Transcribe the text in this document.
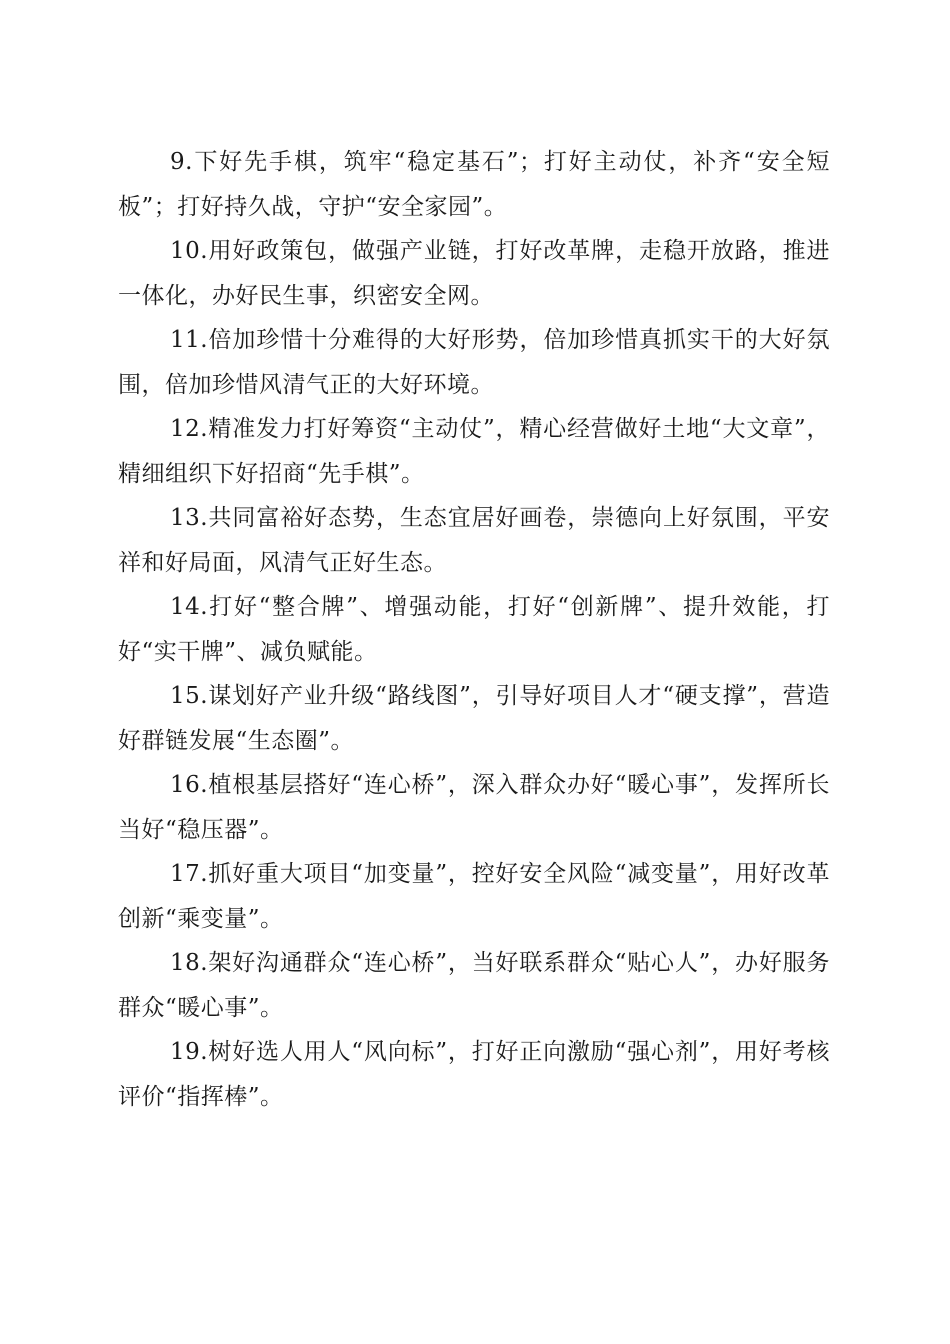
9.下好先手棋，筑牢“稳定基石”；打好主动仗，补齐“安全短板”；打好持久战，守护“安全家园”。

10.用好政策包，做强产业链，打好改革牌，走稳开放路，推进一体化，办好民生事，织密安全网。

11.倍加珍惜十分难得的大好形势，倍加珍惜真抓实干的大好氛围，倍加珍惜风清气正的大好环境。

12.精准发力打好筹资“主动仗”，精心经营做好土地“大文章”，精细组织下好招商“先手棋”。

13.共同富裕好态势，生态宜居好画卷，崇德向上好氛围，平安祥和好局面，风清气正好生态。

14.打好“整合牌”、增强动能，打好“创新牌”、提升效能，打好“实干牌”、减负赋能。

15.谋划好产业升级“路线图”，引导好项目人才“硬支撑”，营造好群链发展“生态圈”。

16.植根基层搭好“连心桥”，深入群众办好“暖心事”，发挥所长当好“稳压器”。

17.抓好重大项目“加变量”，控好安全风险“减变量”，用好改革创新“乘变量”。

18.架好沟通群众“连心桥”，当好联系群众“贴心人”，办好服务群众“暖心事”。

19.树好选人用人“风向标”，打好正向激励“强心剂”，用好考核评价“指挥棒”。
